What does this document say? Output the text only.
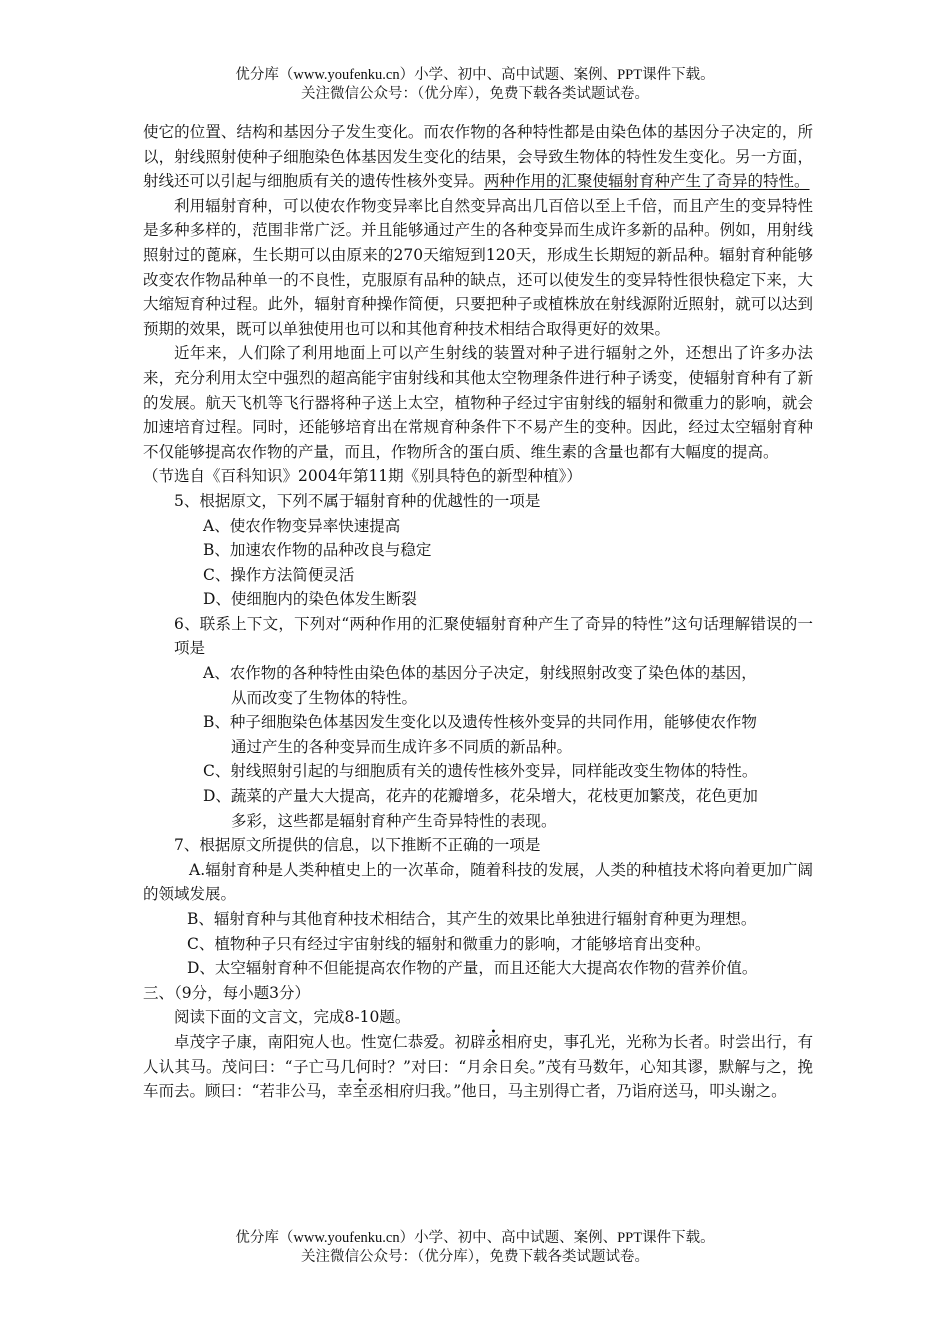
优分库（www.youfenku.cn）小学、初中、高中试题、案例、PPT课件下载。
关注微信公众号：（优分库），免费下载各类试题试卷。

使它的位置、结构和基因分子发生变化。而农作物的各种特性都是由染色体的基因分子决定的，所以，射线照射使种子细胞染色体基因发生变化的结果，会导致生物体的特性发生变化。另一方面，射线还可以引起与细胞质有关的遗传性核外变异。两种作用的汇聚使辐射育种产生了奇异的特性。

利用辐射育种，可以使农作物变异率比自然变异高出几百倍以至上千倍，而且产生的变异特性是多种多样的，范围非常广泛。并且能够通过产生的各种变异而生成许多新的品种。例如，用射线照射过的蓖麻，生长期可以由原来的270天缩短到120天，形成生长期短的新品种。辐射育种能够改变农作物品种单一的不良性，克服原有品种的缺点，还可以使发生的变异特性很快稳定下来，大大缩短育种过程。此外，辐射育种操作简便，只要把种子或植株放在射线源附近照射，就可以达到预期的效果，既可以单独使用也可以和其他育种技术相结合取得更好的效果。

近年来，人们除了利用地面上可以产生射线的装置对种子进行辐射之外，还想出了许多办法来，充分利用太空中强烈的超高能宇宙射线和其他太空物理条件进行种子诱变，使辐射育种有了新的发展。航天飞机等飞行器将种子送上太空，植物种子经过宇宙射线的辐射和微重力的影响，就会加速培育过程。同时，还能够培育出在常规育种条件下不易产生的变种。因此，经过太空辐射育种不仅能够提高农作物的产量，而且，作物所含的蛋白质、维生素的含量也都有大幅度的提高。

（节选自《百科知识》2004年第11期《别具特色的新型种植》）

5、根据原文，下列不属于辐射育种的优越性的一项是

A、使农作物变异率快速提高

B、加速农作物的品种改良与稳定

C、操作方法简便灵活

D、使细胞内的染色体发生断裂

6、联系上下文，下列对“两种作用的汇聚使辐射育种产生了奇异的特性”这句话理解错误的一项是

A、农作物的各种特性由染色体的基因分子决定，射线照射改变了染色体的基因，

从而改变了生物体的特性。

B、种子细胞染色体基因发生变化以及遗传性核外变异的共同作用，能够使农作物

通过产生的各种变异而生成许多不同质的新品种。

C、射线照射引起的与细胞质有关的遗传性核外变异，同样能改变生物体的特性。

D、蔬菜的产量大大提高，花卉的花瓣增多，花朵增大，花枝更加繁茂，花色更加

多彩，这些都是辐射育种产生奇异特性的表现。

7、根据原文所提供的信息，以下推断不正确的一项是

A.辐射育种是人类种植史上的一次革命，随着科技的发展，人类的种植技术将向着更加广阔的领域发展。

B、辐射育种与其他育种技术相结合，其产生的效果比单独进行辐射育种更为理想。

C、植物种子只有经过宇宙射线的辐射和微重力的影响，才能够培育出变种。

D、太空辐射育种不但能提高农作物的产量，而且还能大大提高农作物的营养价值。

三、（9分，每小题3分）

阅读下面的文言文，完成8-10题。

卓茂字子康，南阳宛人也。性宽仁恭爱。初辟丞相府史，事孔光，光称为长者。时尝出行，有人认其马。茂问曰：“子亡马几何时？”对曰：“月余日矣。”茂有马数年，心知其谬，默解与之，挽车而去。顾曰：“若非公马，幸至丞相府归我。”他日，马主别得亡者，乃诣府送马，叩头谢之。

优分库（www.youfenku.cn）小学、初中、高中试题、案例、PPT课件下载。
关注微信公众号：（优分库），免费下载各类试题试卷。
